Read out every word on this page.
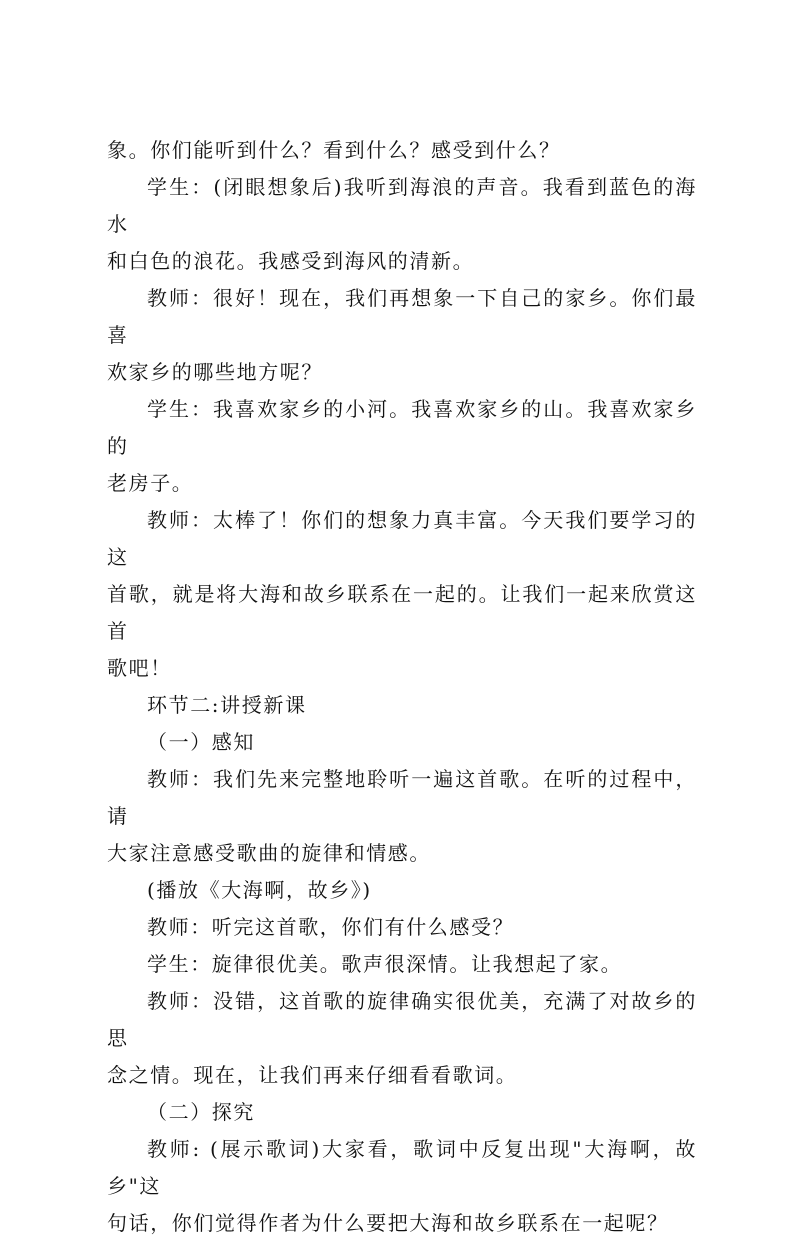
象。你们能听到什么？看到什么？感受到什么？
学生：(闭眼想象后)我听到海浪的声音。我看到蓝色的海水
和白色的浪花。我感受到海风的清新。
教师：很好！现在，我们再想象一下自己的家乡。你们最喜
欢家乡的哪些地方呢？
学生：我喜欢家乡的小河。我喜欢家乡的山。我喜欢家乡的
老房子。
教师：太棒了！你们的想象力真丰富。今天我们要学习的这
首歌，就是将大海和故乡联系在一起的。让我们一起来欣赏这首
歌吧！
环节二:讲授新课
（一）感知
教师：我们先来完整地聆听一遍这首歌。在听的过程中，请
大家注意感受歌曲的旋律和情感。
(播放《大海啊，故乡》)
教师：听完这首歌，你们有什么感受？
学生：旋律很优美。歌声很深情。让我想起了家。
教师：没错，这首歌的旋律确实很优美，充满了对故乡的思
念之情。现在，让我们再来仔细看看歌词。
（二）探究
教师: (展示歌词)大家看，歌词中反复出现"大海啊，故乡"这
句话，你们觉得作者为什么要把大海和故乡联系在一起呢？
